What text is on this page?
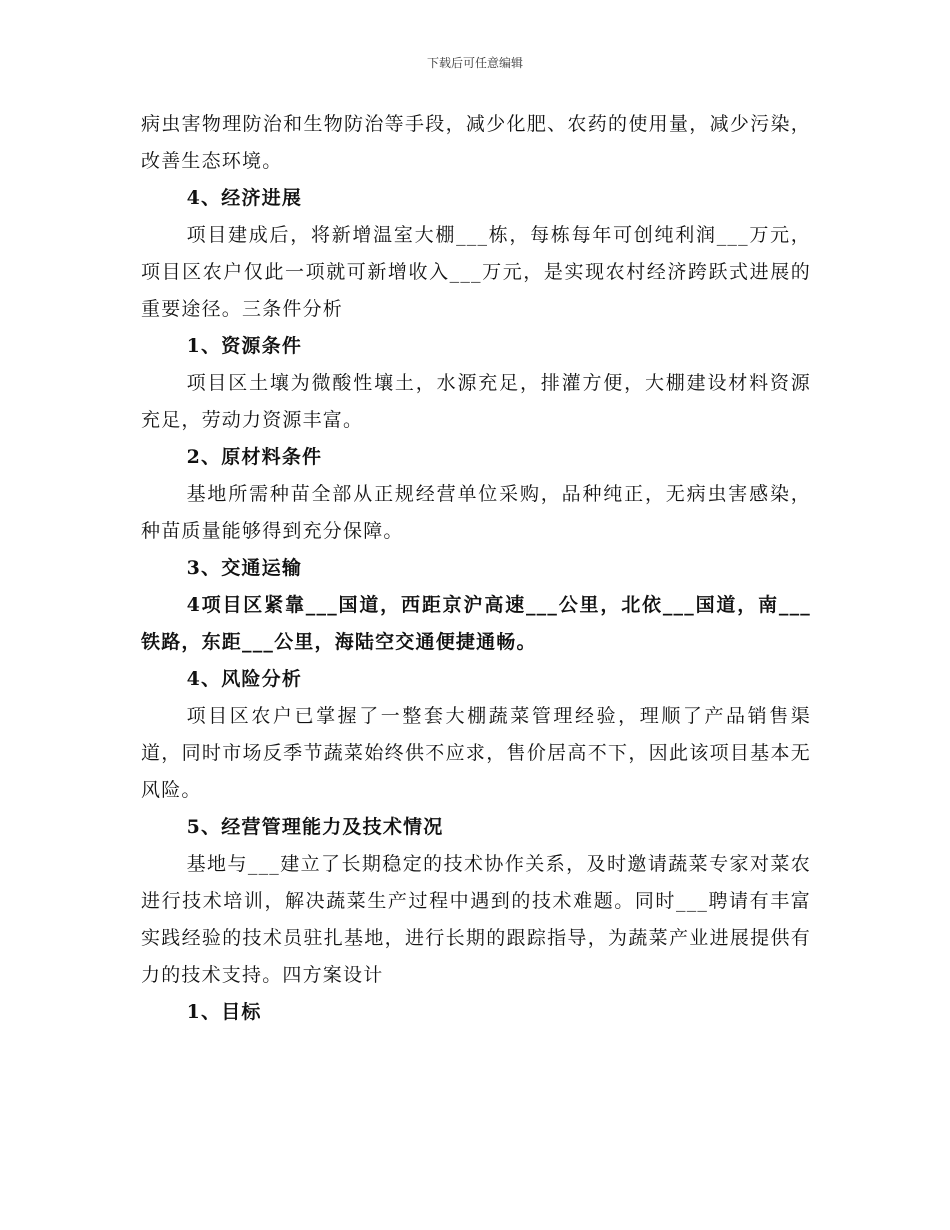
下载后可任意编辑

病虫害物理防治和生物防治等手段，减少化肥、农药的使用量，减少污染，改善生态环境。

4、经济进展

项目建成后，将新增温室大棚___栋，每栋每年可创纯利润___万元，项目区农户仅此一项就可新增收入___万元，是实现农村经济跨跃式进展的重要途径。三条件分析

1、资源条件

项目区土壤为微酸性壤土，水源充足，排灌方便，大棚建设材料资源充足，劳动力资源丰富。

2、原材料条件

基地所需种苗全部从正规经营单位采购，品种纯正，无病虫害感染，种苗质量能够得到充分保障。

3、交通运输

4项目区紧靠___国道，西距京沪高速___公里，北依___国道，南___铁路，东距___公里，海陆空交通便捷通畅。

4、风险分析

项目区农户已掌握了一整套大棚蔬菜管理经验，理顺了产品销售渠道，同时市场反季节蔬菜始终供不应求，售价居高不下，因此该项目基本无风险。

5、经营管理能力及技术情况

基地与___建立了长期稳定的技术协作关系，及时邀请蔬菜专家对菜农进行技术培训，解决蔬菜生产过程中遇到的技术难题。同时___聘请有丰富实践经验的技术员驻扎基地，进行长期的跟踪指导，为蔬菜产业进展提供有力的技术支持。四方案设计

1、目标
